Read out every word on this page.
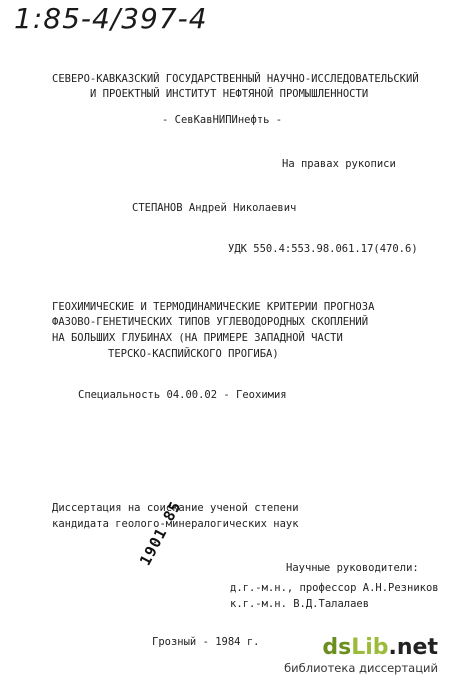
1:85-4/397-4
СЕВЕРО-КАВКАЗСКИЙ ГОСУДАРСТВЕННЫЙ НАУЧНО-ИССЛЕДОВАТЕЛЬСКИЙ
И ПРОЕКТНЫЙ ИНСТИТУТ НЕФТЯНОЙ ПРОМЫШЛЕННОСТИ
- СевКавНИПИнефть -
На правах рукописи
СТЕПАНОВ Андрей Николаевич
УДК 550.4:553.98.061.17(470.6)
ГЕОХИМИЧЕСКИЕ И ТЕРМОДИНАМИЧЕСКИЕ КРИТЕРИИ ПРОГНОЗА
ФАЗОВО-ГЕНЕТИЧЕСКИХ ТИПОВ УГЛЕВОДОРОДНЫХ СКОПЛЕНИЙ
НА БОЛЬШИХ ГЛУБИНАХ (НА ПРИМЕРЕ ЗАПАДНОЙ ЧАСТИ
ТЕРСКО-КАСПИЙСКОГО ПРОГИБА)
Специальность 04.00.02 - Геохимия
Диссертация на соискание ученой степени
кандидата геолого-минералогических наук
1901 85	Научные руководители:
д.г.-м.н., профессор А.Н.Резников
к.г.-м.н. В.Д.Талалаев
Грозный - 1984 г.	dsLib.net
библиотека диссертаций
